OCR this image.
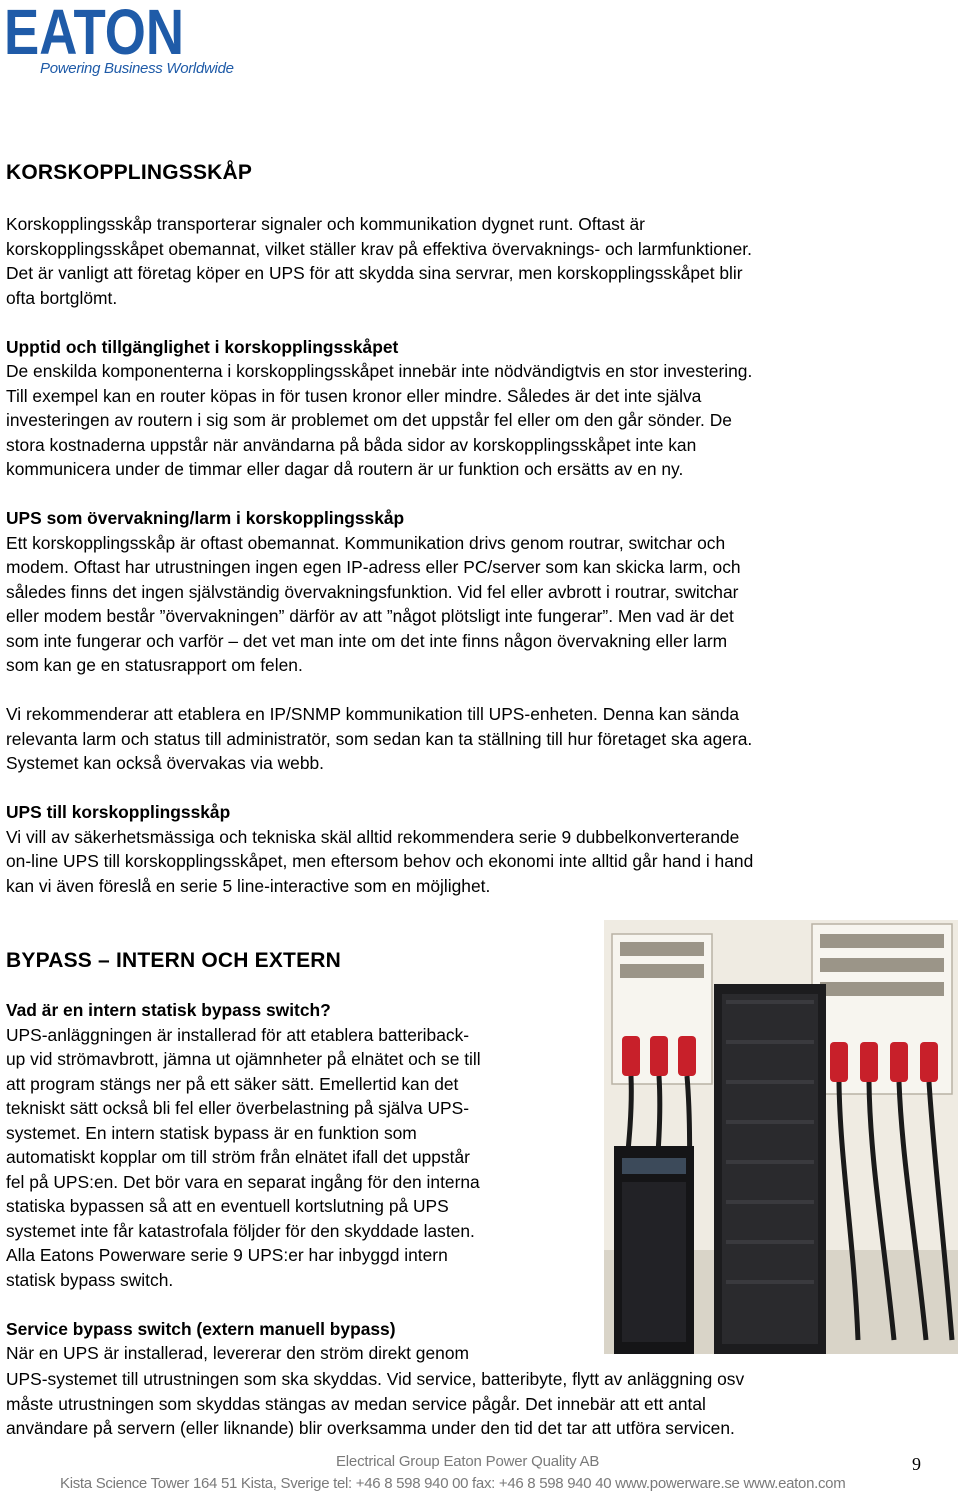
EATON
Powering Business Worldwide
KORSKOPPLINGSSKÅP
Korskopplingsskåp transporterar signaler och kommunikation dygnet runt. Oftast är
korskopplingsskåpet obemannat, vilket ställer krav på effektiva övervaknings- och larmfunktioner.
Det är vanligt att företag köper en UPS för att skydda sina servrar, men korskopplingsskåpet blir
ofta bortglömt.
Upptid och tillgänglighet i korskopplingsskåpet
De enskilda komponenterna i korskopplingsskåpet innebär inte nödvändigtvis en stor investering.
Till exempel kan en router köpas in för tusen kronor eller mindre. Således är det inte själva
investeringen av routern i sig som är problemet om det uppstår fel eller om den går sönder. De
stora kostnaderna uppstår när användarna på båda sidor av korskopplingsskåpet inte kan
kommunicera under de timmar eller dagar då routern är ur funktion och ersätts av en ny.
UPS som övervakning/larm i korskopplingsskåp
Ett korskopplingsskåp är oftast obemannat. Kommunikation drivs genom routrar, switchar och
modem. Oftast har utrustningen ingen egen IP-adress eller PC/server som kan skicka larm, och
således finns det ingen självständig övervakningsfunktion. Vid fel eller avbrott i routrar, switchar
eller modem består ”övervakningen” därför av att ”något plötsligt inte fungerar”. Men vad är det
som inte fungerar och varför – det vet man inte om det inte finns någon övervakning eller larm
som kan ge en statusrapport om felen.
Vi rekommenderar att etablera en IP/SNMP kommunikation till UPS-enheten. Denna kan sända
relevanta larm och status till administratör, som sedan kan ta ställning till hur företaget ska agera.
Systemet kan också övervakas via webb.
UPS till korskopplingsskåp
Vi vill av säkerhetsmässiga och tekniska skäl alltid rekommendera serie 9 dubbelkonverterande
on-line UPS till korskopplingsskåpet, men eftersom behov och ekonomi inte alltid går hand i hand
kan vi även föreslå en serie 5 line-interactive som en möjlighet.
BYPASS – INTERN OCH EXTERN
Vad är en intern statisk bypass switch?
UPS-anläggningen är installerad för att etablera batteriback-
up vid strömavbrott, jämna ut ojämnheter på elnätet och se till
att program stängs ner på ett säker sätt. Emellertid kan det
tekniskt sätt också bli fel eller överbelastning på själva UPS-
systemet. En intern statisk bypass är en funktion som
automatiskt kopplar om till ström från elnätet ifall det uppstår
fel på UPS:en. Det bör vara en separat ingång för den interna
statiska bypassen så att en eventuell kortslutning på UPS
systemet inte får katastrofala följder för den skyddade lasten.
Alla Eatons Powerware serie 9 UPS:er har inbyggd intern
statisk bypass switch.
Service bypass switch (extern manuell bypass)
När en UPS är installerad, levererar den ström direkt genom
UPS-systemet till utrustningen som ska skyddas. Vid service, batteribyte, flytt av anläggning osv
måste utrustningen som skyddas stängas av medan service pågår. Det innebär att ett antal
användare på servern (eller liknande) blir overksamma under den tid det tar att utföra servicen.
Electrical Group Eaton Power Quality AB
Kista Science Tower 164 51 Kista, Sverige tel: +46 8 598 940 00 fax: +46 8 598 940 40 www.powerware.se www.eaton.com
9
